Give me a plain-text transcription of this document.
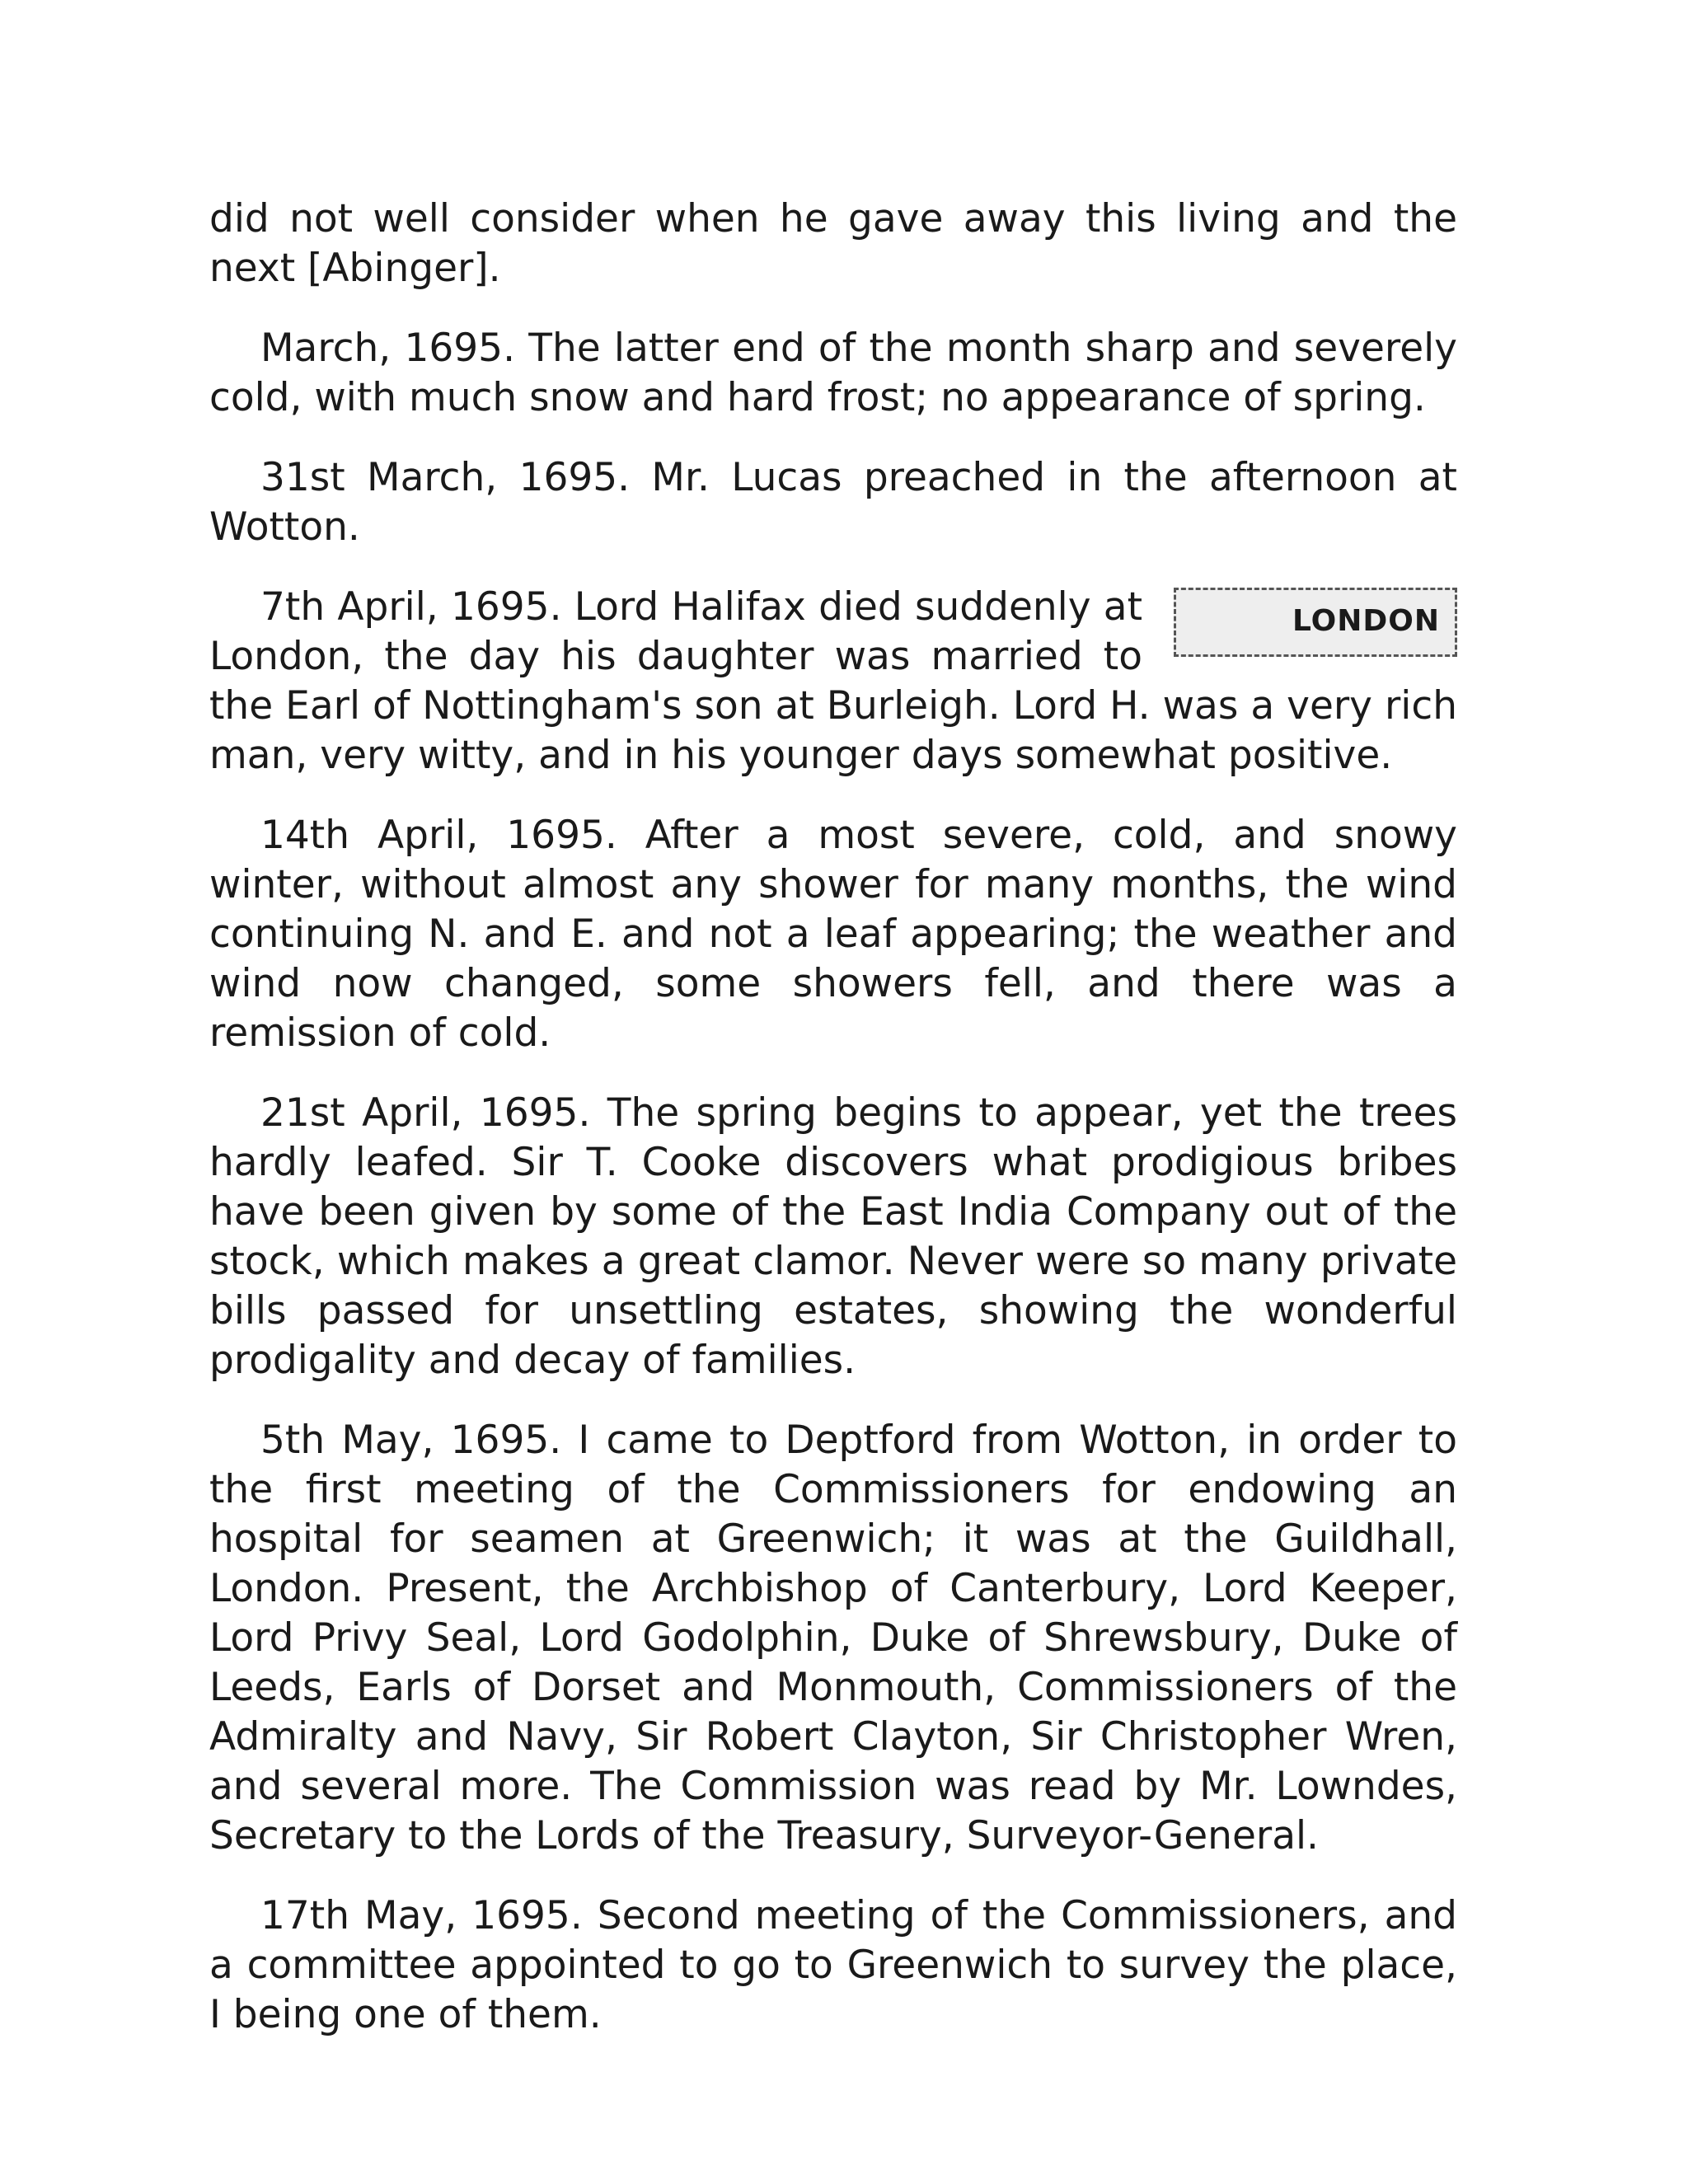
did not well consider when he gave away this living and the next [Abinger].

March, 1695. The latter end of the month sharp and severely cold, with much snow and hard frost; no appearance of spring.

31st March, 1695. Mr. Lucas preached in the afternoon at Wotton.

LONDON

7th April, 1695. Lord Halifax died suddenly at London, the day his daughter was married to the Earl of Nottingham's son at Burleigh. Lord H. was a very rich man, very witty, and in his younger days somewhat positive.

14th April, 1695. After a most severe, cold, and snowy winter, without almost any shower for many months, the wind continuing N. and E. and not a leaf appearing; the weather and wind now changed, some showers fell, and there was a remission of cold.

21st April, 1695. The spring begins to appear, yet the trees hardly leafed. Sir T. Cooke discovers what prodigious bribes have been given by some of the East India Company out of the stock, which makes a great clamor. Never were so many private bills passed for unsettling estates, showing the wonderful prodigality and decay of families.

5th May, 1695. I came to Deptford from Wotton, in order to the first meeting of the Commissioners for endowing an hospital for seamen at Greenwich; it was at the Guildhall, London. Present, the Archbishop of Canterbury, Lord Keeper, Lord Privy Seal, Lord Godolphin, Duke of Shrewsbury, Duke of Leeds, Earls of Dorset and Monmouth, Commissioners of the Admiralty and Navy, Sir Robert Clayton, Sir Christopher Wren, and several more. The Commission was read by Mr. Lowndes, Secretary to the Lords of the Treasury, Surveyor-General.

17th May, 1695. Second meeting of the Commissioners, and a committee appointed to go to Greenwich to survey the place, I being one of them.
